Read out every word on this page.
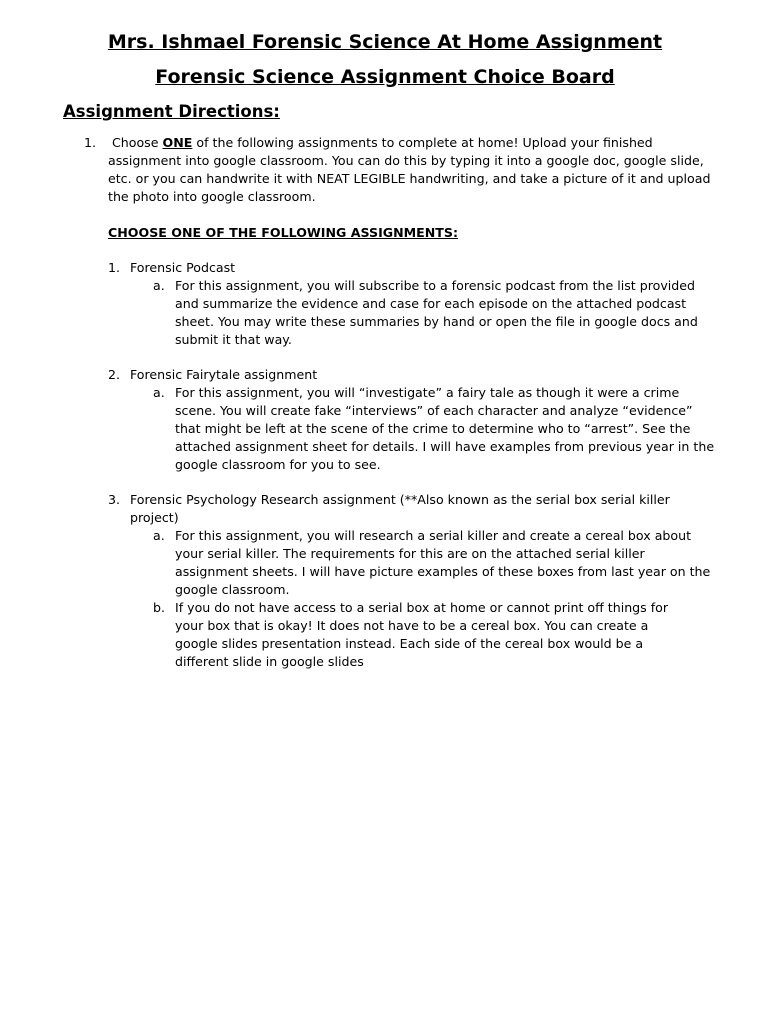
Mrs. Ishmael Forensic Science At Home Assignment
Forensic Science Assignment Choice Board
Assignment Directions:
1.	Choose ONE of the following assignments to complete at home! Upload your finished assignment into google classroom. You can do this by typing it into a google doc, google slide, etc. or you can handwrite it with NEAT LEGIBLE handwriting, and take a picture of it and upload the photo into google classroom.
CHOOSE ONE OF THE FOLLOWING ASSIGNMENTS:
1. Forensic Podcast
a. For this assignment, you will subscribe to a forensic podcast from the list provided and summarize the evidence and case for each episode on the attached podcast sheet. You may write these summaries by hand or open the file in google docs and submit it that way.
2. Forensic Fairytale assignment
a. For this assignment, you will “investigate” a fairy tale as though it were a crime scene. You will create fake “interviews” of each character and analyze “evidence” that might be left at the scene of the crime to determine who to “arrest”. See the attached assignment sheet for details. I will have examples from previous year in the google classroom for you to see.
3. Forensic Psychology Research assignment (**Also known as the serial box serial killer project)
a. For this assignment, you will research a serial killer and create a cereal box about your serial killer. The requirements for this are on the attached serial killer assignment sheets. I will have picture examples of these boxes from last year on the google classroom.
b. If you do not have access to a serial box at home or cannot print off things for your box that is okay! It does not have to be a cereal box. You can create a google slides presentation instead. Each side of the cereal box would be a different slide in google slides
